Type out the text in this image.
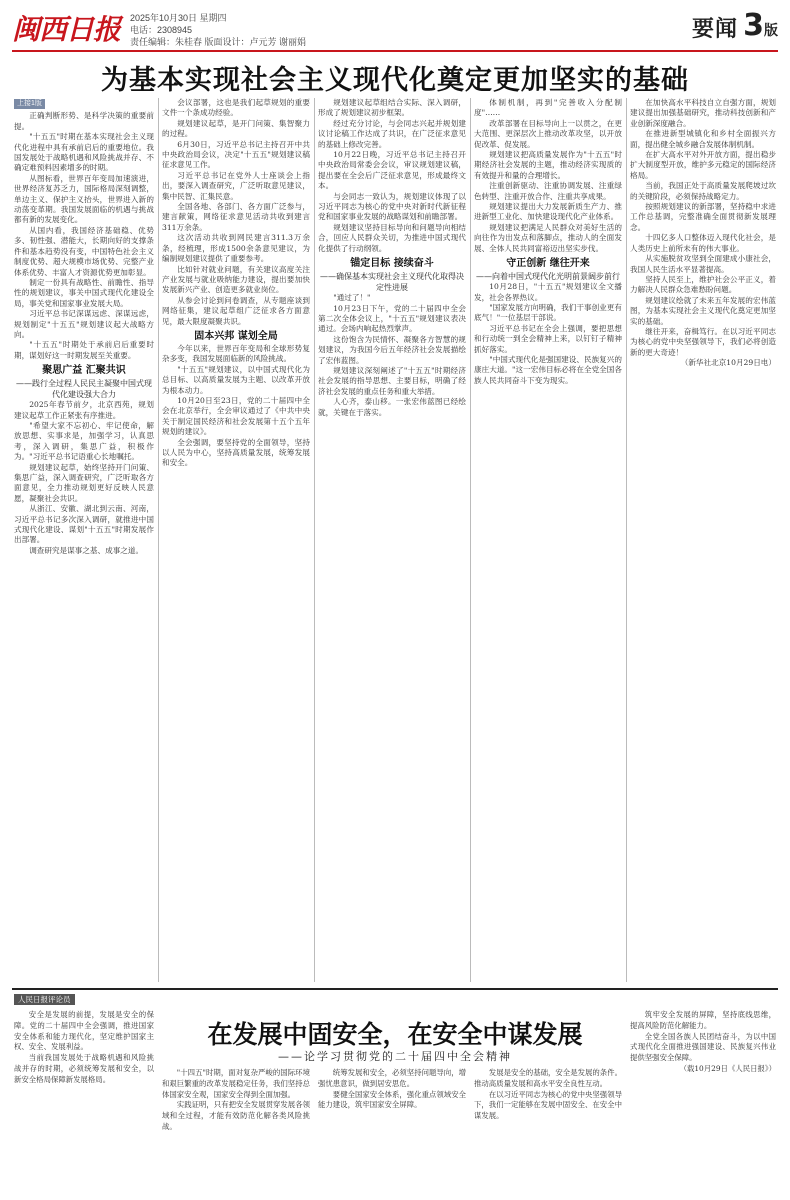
闽西日报 2025年10月30日 星期四
电话：2308945
责任编辑：朱桂春 版面设计：卢元芳 谢丽娟	要闻 3版
为基本实现社会主义现代化奠定更加坚实的基础
上接1版

正确判断形势、是科学决策的重要前提。

"十五五"时期在基本实现社会主义现代化进程中具有承前启后的重要地位。我国发展处于战略机遇和风险挑战并存、不确定难预料因素增多的时期。

从图标看，世界百年变局加速演进，世界经济复苏乏力，国际格局深刻调整，单边主义、保护主义抬头，世界进入新的动荡变革期。我国发展面临的机遇与挑战都有新的发展变化。

从国内看，我国经济基础稳、优势多、韧性强、潜能大，长期向好的支撑条件和基本趋势没有变，中国特色社会主义制度优势、超大规模市场优势、完整产业体系优势、丰富人才资源优势更加彰显。

制定一份具有战略性、前瞻性、指导性的规划建议，事关中国式现代化建设全局，事关党和国家事业发展大局。

习近平总书记深谋远虑、深谋远虑，规划制定"十五五"规划建议起大战略方向。

"十五五"时期处于承前启后重要时期，谋划好这一时期发展至关重要。

聚思广益 汇聚共识

——践行全过程人民民主凝聚中国式现代化建设强大合力

2025年春节前夕，北京西苑，规划建议起草工作正紧张有序推进。

"希望大家不忘初心、牢记使命，解放思想、实事求是，加强学习，认真思考，深入调研，集思广益，积极作为。"习近平总书记语重心长地嘱托。

规划建议起草，始终坚持开门问策、集思广益，深入调查研究，广泛听取各方面意见，全力推动规划更好反映人民意愿，凝聚社会共识。

从浙江、安徽、湖北到云南、河南，习近平总书记多次深入调研，就推进中国式现代化建设、谋划"十五五"时期发展作出部署。

调查研究是谋事之基、成事之道。

会议部署，这也是我们起草规划的重要文件一个条成功经验。

规划建议起草，是开门问策、集智聚力的过程。

6月30日，习近平总书记主持召开中共中央政治局会议，决定"十五五"规划建议稿征求意见工作。

习近平总书记在党外人士座谈会上指出，要深入调查研究，广泛听取意见建议，集中民智、汇集民意。

全国各地、各部门、各方面广泛参与，建言献策，网络征求意见活动共收到建言311万余条。

这次活动共收到网民建言311.3万余条，经梳理，形成1500余条意见建议，为编制规划建议提供了重要参考。

比如针对就业问题，有关建议高度关注产业发展与就业吸纳能力建设，提出要加快发展新兴产业、创造更多就业岗位。

从参会讨论到问卷调查，从专题座谈到网络征集，建议起草组广泛征求各方面意见，最大限度凝聚共识。

固本兴邦 谋划全局

今年以来，世界百年变局和全球形势复杂多变，我国发展面临新的风险挑战。

"十五五"规划建议，以中国式现代化为总目标、以高质量发展为主题、以改革开放为根本动力。

10月20日至23日，党的二十届四中全会在北京举行，全会审议通过了《中共中央关于制定国民经济和社会发展第十五个五年规划的建议》。

全会强调，要坚持党的全面领导，坚持以人民为中心，坚持高质量发展，统筹发展和安全。

规划建议起草组结合实际、深入调研，形成了规划建议初步框架。

经过充分讨论，与会同志兴起并规划建议讨论稿工作达成了共识，在广泛征求意见的基础上修改完善。

10月22日晚，习近平总书记主持召开中央政治局常委会会议，审议规划建议稿，提出要在全会后广泛征求意见，形成最终文本。

与会同志一致认为，规划建议体现了以习近平同志为核心的党中央对新时代新征程党和国家事业发展的战略谋划和前瞻部署。

规划建议坚持目标导向和问题导向相结合，回应人民群众关切，为推进中国式现代化提供了行动纲领。

锚定目标 接续奋斗

——确保基本实现社会主义现代化取得决定性进展

"通过了！"

10月23日下午，党的二十届四中全会第二次全体会议上，"十五五"规划建议表决通过。会场内响起热烈掌声。

这份饱含为民情怀、凝聚各方智慧的规划建议，为我国今后五年经济社会发展描绘了宏伟蓝图。

规划建议深刻阐述了"十五五"时期经济社会发展的指导思想、主要目标，明确了经济社会发展的重点任务和重大举措。

人心齐，泰山移。一张宏伟蓝图已经绘就，关键在于落实。

体制机制，再到"完善收入分配制度"……

改革部署在目标导向上一以贯之，在更大范围、更深层次上推动改革攻坚，以开放促改革、促发展。

规划建议把高质量发展作为"十五五"时期经济社会发展的主题，推动经济实现质的有效提升和量的合理增长。

注重创新驱动、注重协调发展、注重绿色转型、注重开放合作、注重共享成果。

规划建议提出大力发展新质生产力、推进新型工业化、加快建设现代化产业体系。

规划建议把满足人民群众对美好生活的向往作为出发点和落脚点，推动人的全面发展、全体人民共同富裕迈出坚实步伐。

守正创新 继往开来

——向着中国式现代化光明前景阔步前行

10月28日，"十五五"规划建议全文播发，社会各界热议。

"国家发展方向明确，我们干事创业更有底气！"一位基层干部说。

习近平总书记在全会上强调，要把思想和行动统一到全会精神上来，以钉钉子精神抓好落实。

"中国式现代化是强国建设、民族复兴的康庄大道。"这一宏伟目标必将在全党全国各族人民共同奋斗下变为现实。

在加快高水平科技自立自强方面，规划建议提出加强基础研究，推动科技创新和产业创新深度融合。

在推进新型城镇化和乡村全面振兴方面，提出健全城乡融合发展体制机制。

在扩大高水平对外开放方面，提出稳步扩大制度型开放，维护多元稳定的国际经济格局。

当前，我国正处于高质量发展爬坡过坎的关键阶段，必须保持战略定力。

按照规划建议的新部署，坚持稳中求进工作总基调，完整准确全面贯彻新发展理念。

十四亿多人口整体迈入现代化社会，是人类历史上前所未有的伟大事业。

从实施脱贫攻坚到全面建成小康社会，我国人民生活水平显著提高。

坚持人民至上，维护社会公平正义，着力解决人民群众急难愁盼问题。

规划建议绘就了未来五年发展的宏伟蓝图，为基本实现社会主义现代化奠定更加坚实的基础。

继往开来，奋楫笃行。在以习近平同志为核心的党中央坚强领导下，我们必将创造新的更大奇迹！

（新华社北京10月29日电）

人民日报评论员
在发展中固安全，在安全中谋发展
——论学习贯彻党的二十届四中全会精神

安全是发展的前提，发展是安全的保障。党的二十届四中全会强调，推进国家安全体系和能力现代化，坚定维护国家主权、安全、发展利益。

当前我国发展处于战略机遇和风险挑战并存的时期，必须统筹发展和安全，以新安全格局保障新发展格局。

"十四五"时期，面对复杂严峻的国际环境和艰巨繁重的改革发展稳定任务，我们坚持总体国家安全观，国家安全得到全面加强。

实践证明，只有把安全发展贯穿发展各领域和全过程，才能有效防范化解各类风险挑战。

统筹发展和安全，必须坚持问题导向，增强忧患意识，做到居安思危。

要健全国家安全体系，强化重点领域安全能力建设，筑牢国家安全屏障。

发展是安全的基础，安全是发展的条件。推动高质量发展和高水平安全良性互动。

在以习近平同志为核心的党中央坚强领导下，我们一定能够在发展中固安全、在安全中谋发展。

筑牢安全发展的屏障，坚持底线思维，提高风险防范化解能力。

全党全国各族人民团结奋斗，为以中国式现代化全面推进强国建设、民族复兴伟业提供坚强安全保障。

（载10月29日《人民日报》）
